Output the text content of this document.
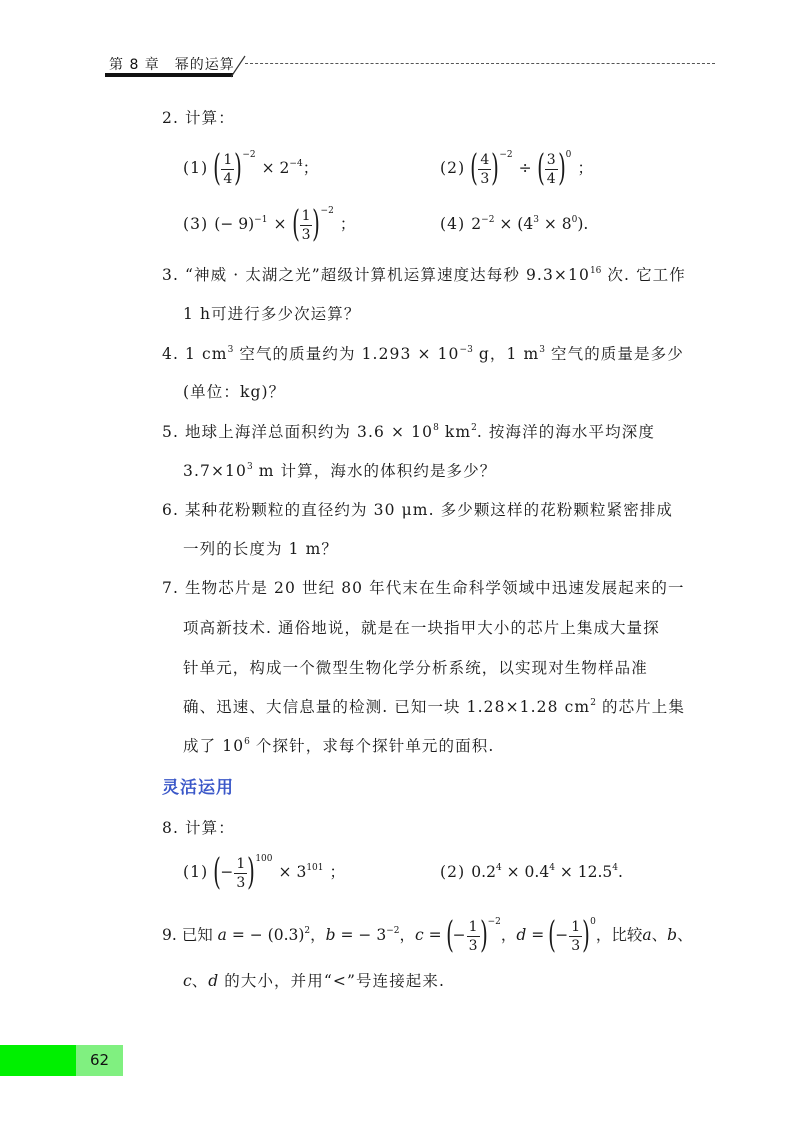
第 8 章　幂的运算
2. 计算：
(1) ( $\frac{1}{4} )^{-2} \times 2^{-4}$；	(2) ( $\frac{4}{3} )^{-2}$ ÷ ( $\frac{3}{4} )^0$ ；
(3) (− 9)$^{-1}$ × ( $\frac{1}{3} )^{-2}$ ；	(4) $2^{-2} \times (4^3 \times 8^0)$.
3. “神威 · 太湖之光”超级计算机运算速度达每秒 $9.3\times 10^{16}$ 次. 它工作
1 h可进行多少次运算？
4. 1 $cm^3$ 空气的质量约为 $1.293 \times 10^{-3}$ g，1 $m^3$ 空气的质量是多少
(单位：kg)？
5. 地球上海洋总面积约为 $3.6 \times 10^8$ $km^2$. 按海洋的海水平均深度
$3.7\times 10^3$ m 计算，海水的体积约是多少？
6. 某种花粉颗粒的直径约为 30 μm. 多少颗这样的花粉颗粒紧密排成
一列的长度为 1 m？
7. 生物芯片是 20 世纪 80 年代末在生命科学领域中迅速发展起来的一
项高新技术. 通俗地说，就是在一块指甲大小的芯片上集成大量探
针单元，构成一个微型生物化学分析系统，以实现对生物样品准
确、迅速、大信息量的检测. 已知一块 1.28×1.28 $cm^2$ 的芯片上集
成了 $10^6$ 个探针，求每个探针单元的面积.
灵活运用
8. 计算：
(1) (− $\frac{1}{3} )^{100} \times 3^{101}$ ；	(2) $0.2^4 \times 0.4^4 \times 12.5^4$.
9. 已知 a = − $(0.3)^2$，b = − $3^{-2}$，c = (− $\frac{1}{3} )^{-2}$，d = (− $\frac{1}{3} )^0$，比较a、b、
c、d 的大小，并用“<”号连接起来.
62
